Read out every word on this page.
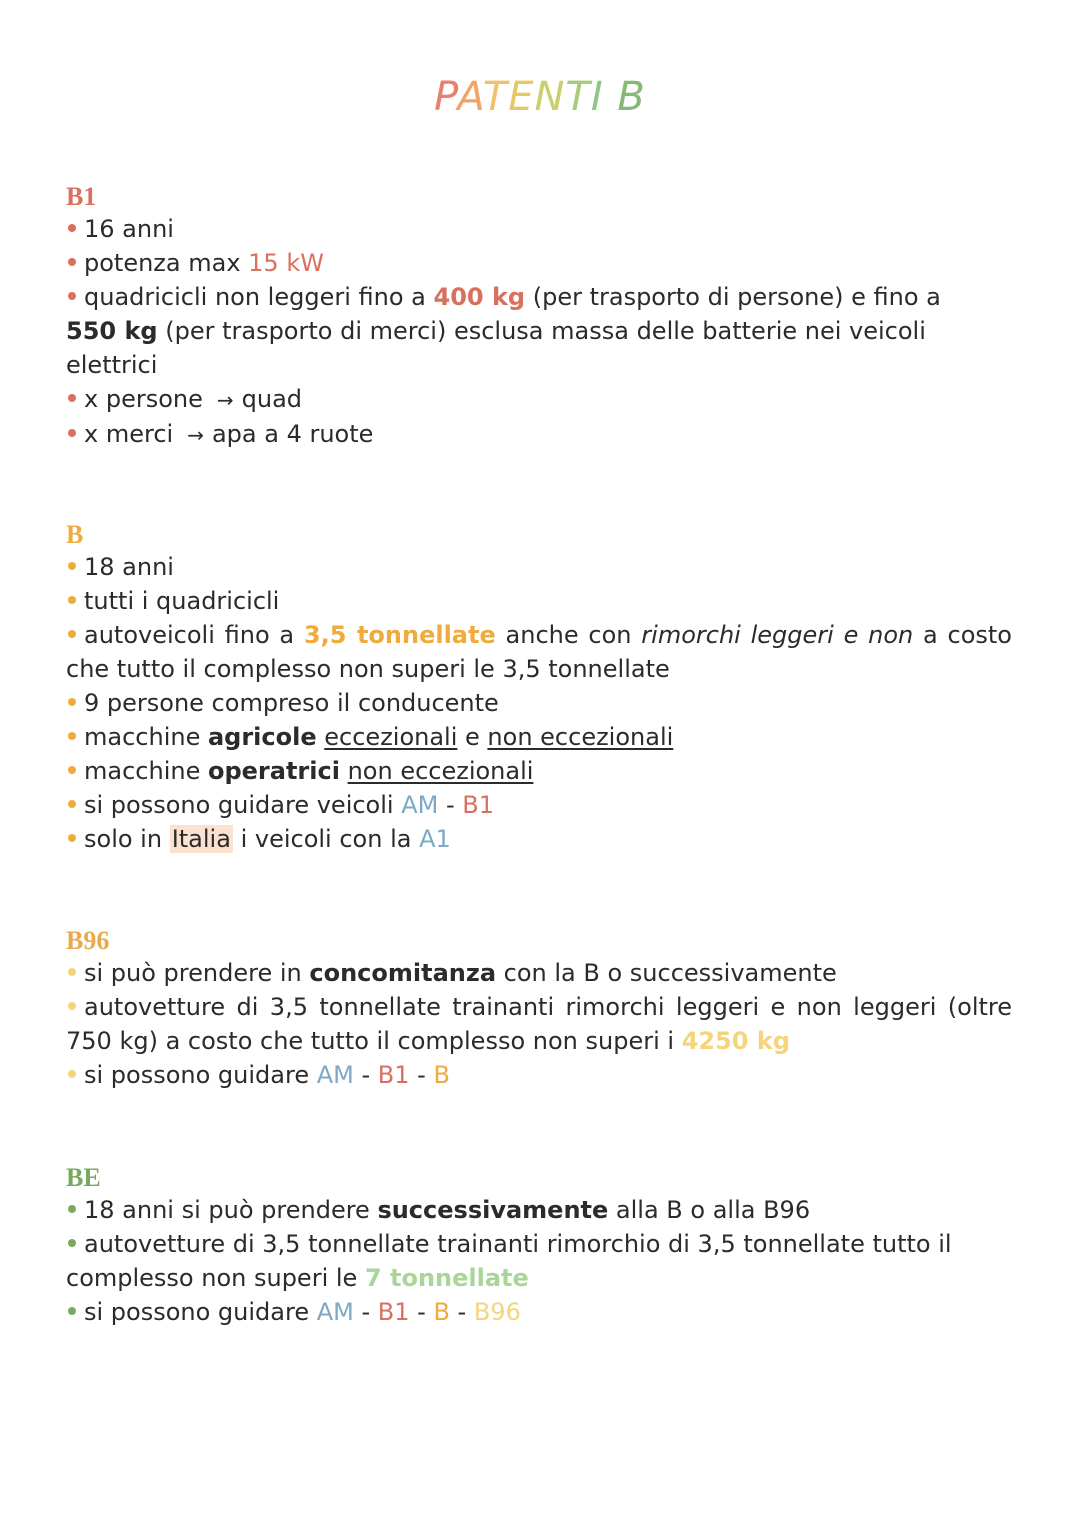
PATENTI B
B1
16 anni
potenza max 15 kW
quadricicli non leggeri fino a 400 kg (per trasporto di persone) e fino a
550 kg (per trasporto di merci) esclusa massa delle batterie nei veicoli elettrici
x persone → quad
x merci → apa a 4 ruote
B
18 anni
tutti i quadricicli
autoveicoli fino a 3,5 tonnellate anche con rimorchi leggeri e non a costo che tutto il complesso non superi le 3,5 tonnellate
9 persone compreso il conducente
macchine agricole eccezionali e non eccezionali
macchine operatrici non eccezionali
si possono guidare veicoli AM - B1
solo in Italia i veicoli con la A1
B96
si può prendere in concomitanza con la B o successivamente
autovetture di 3,5 tonnellate trainanti rimorchi leggeri e non leggeri (oltre 750 kg) a costo che tutto il complesso non superi i 4250 kg
si possono guidare AM - B1 - B
BE
18 anni si può prendere successivamente alla B o alla B96
autovetture di 3,5 tonnellate trainanti rimorchio di 3,5 tonnellate tutto il complesso non superi le 7 tonnellate
si possono guidare AM - B1 - B - B96
